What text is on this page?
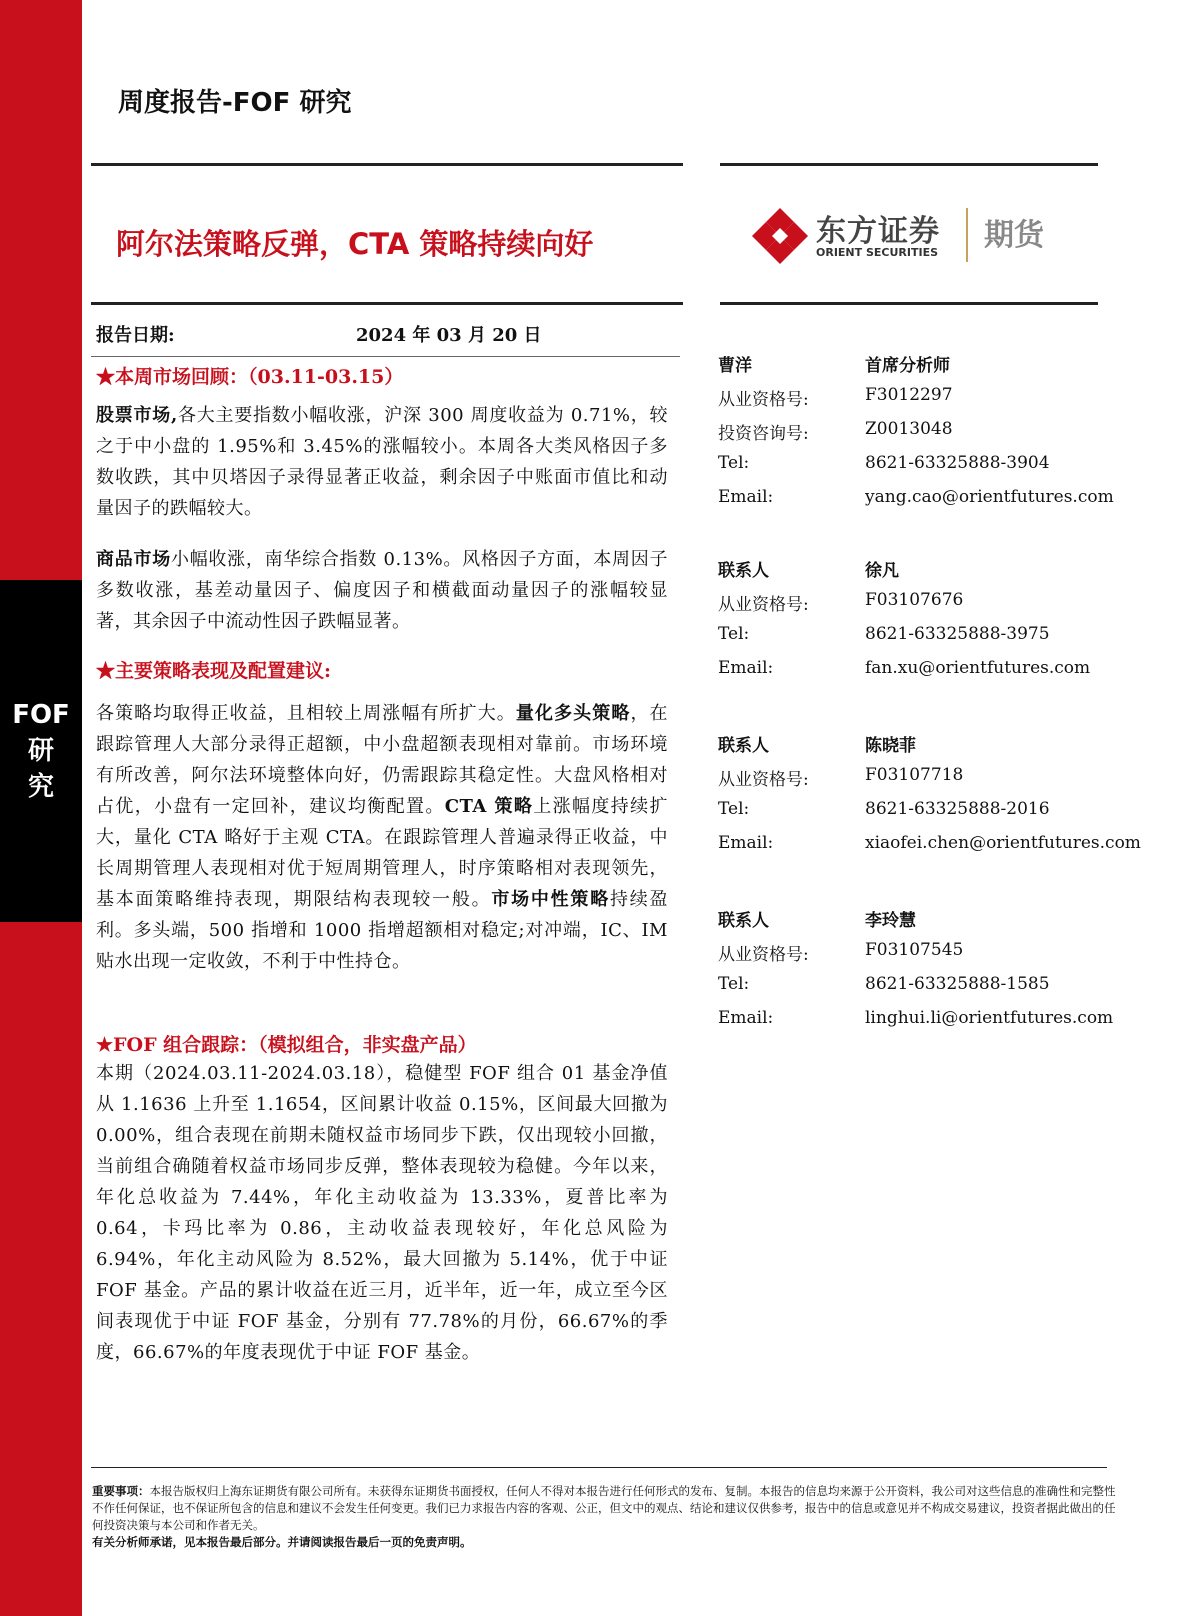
FOF
研
究
周度报告-FOF 研究
阿尔法策略反弹，CTA 策略持续向好	东方证券
ORIENT SECURITIES 期货
报告日期:	2024 年 03 月 20 日
★本周市场回顾：（03.11-03.15）
股票市场,各大主要指数小幅收涨，沪深 300 周度收益为 0.71%，较之于中小盘的 1.95%和 3.45%的涨幅较小。本周各大类风格因子多数收跌，其中贝塔因子录得显著正收益，剩余因子中账面市值比和动量因子的跌幅较大。
商品市场小幅收涨，南华综合指数 0.13%。风格因子方面，本周因子多数收涨，基差动量因子、偏度因子和横截面动量因子的涨幅较显著，其余因子中流动性因子跌幅显著。
★主要策略表现及配置建议:
各策略均取得正收益，且相较上周涨幅有所扩大。量化多头策略，在跟踪管理人大部分录得正超额，中小盘超额表现相对靠前。市场环境有所改善，阿尔法环境整体向好，仍需跟踪其稳定性。大盘风格相对占优，小盘有一定回补，建议均衡配置。CTA 策略上涨幅度持续扩大，量化 CTA 略好于主观 CTA。在跟踪管理人普遍录得正收益，中长周期管理人表现相对优于短周期管理人，时序策略相对表现领先，基本面策略维持表现，期限结构表现较一般。市场中性策略持续盈利。多头端，500 指增和 1000 指增超额相对稳定;对冲端，IC、IM 贴水出现一定收敛，不利于中性持仓。
★FOF 组合跟踪：（模拟组合，非实盘产品）
本期（2024.03.11-2024.03.18），稳健型 FOF 组合 01 基金净值从 1.1636 上升至 1.1654，区间累计收益 0.15%，区间最大回撤为 0.00%，组合表现在前期未随权益市场同步下跌，仅出现较小回撤，当前组合确随着权益市场同步反弹，整体表现较为稳健。今年以来，年化总收益为 7.44%，年化主动收益为 13.33%，夏普比率为 0.64，卡玛比率为 0.86，主动收益表现较好，年化总风险为 6.94%，年化主动风险为 8.52%，最大回撤为 5.14%，优于中证 FOF 基金。产品的累计收益在近三月，近半年，近一年，成立至今区间表现优于中证 FOF 基金，分别有 77.78%的月份，66.67%的季度，66.67%的年度表现优于中证 FOF 基金。
曹洋	首席分析师
从业资格号:	F3012297
投资咨询号:	Z0013048
Tel:	8621-63325888-3904
Email:	yang.cao@orientfutures.com
联系人	徐凡
从业资格号:	F03107676
Tel:	8621-63325888-3975
Email:	fan.xu@orientfutures.com
联系人	陈晓菲
从业资格号:	F03107718
Tel:	8621-63325888-2016
Email:	xiaofei.chen@orientfutures.com
联系人	李玲慧
从业资格号:	F03107545
Tel:	8621-63325888-1585
Email:	linghui.li@orientfutures.com
重要事项：本报告版权归上海东证期货有限公司所有。未获得东证期货书面授权，任何人不得对本报告进行任何形式的发布、复制。本报告的信息均来源于公开资料，我公司对这些信息的准确性和完整性不作任何保证，也不保证所包含的信息和建议不会发生任何变更。我们已力求报告内容的客观、公正，但文中的观点、结论和建议仅供参考，报告中的信息或意见并不构成交易建议，投资者据此做出的任何投资决策与本公司和作者无关。
有关分析师承诺，见本报告最后部分。并请阅读报告最后一页的免责声明。
